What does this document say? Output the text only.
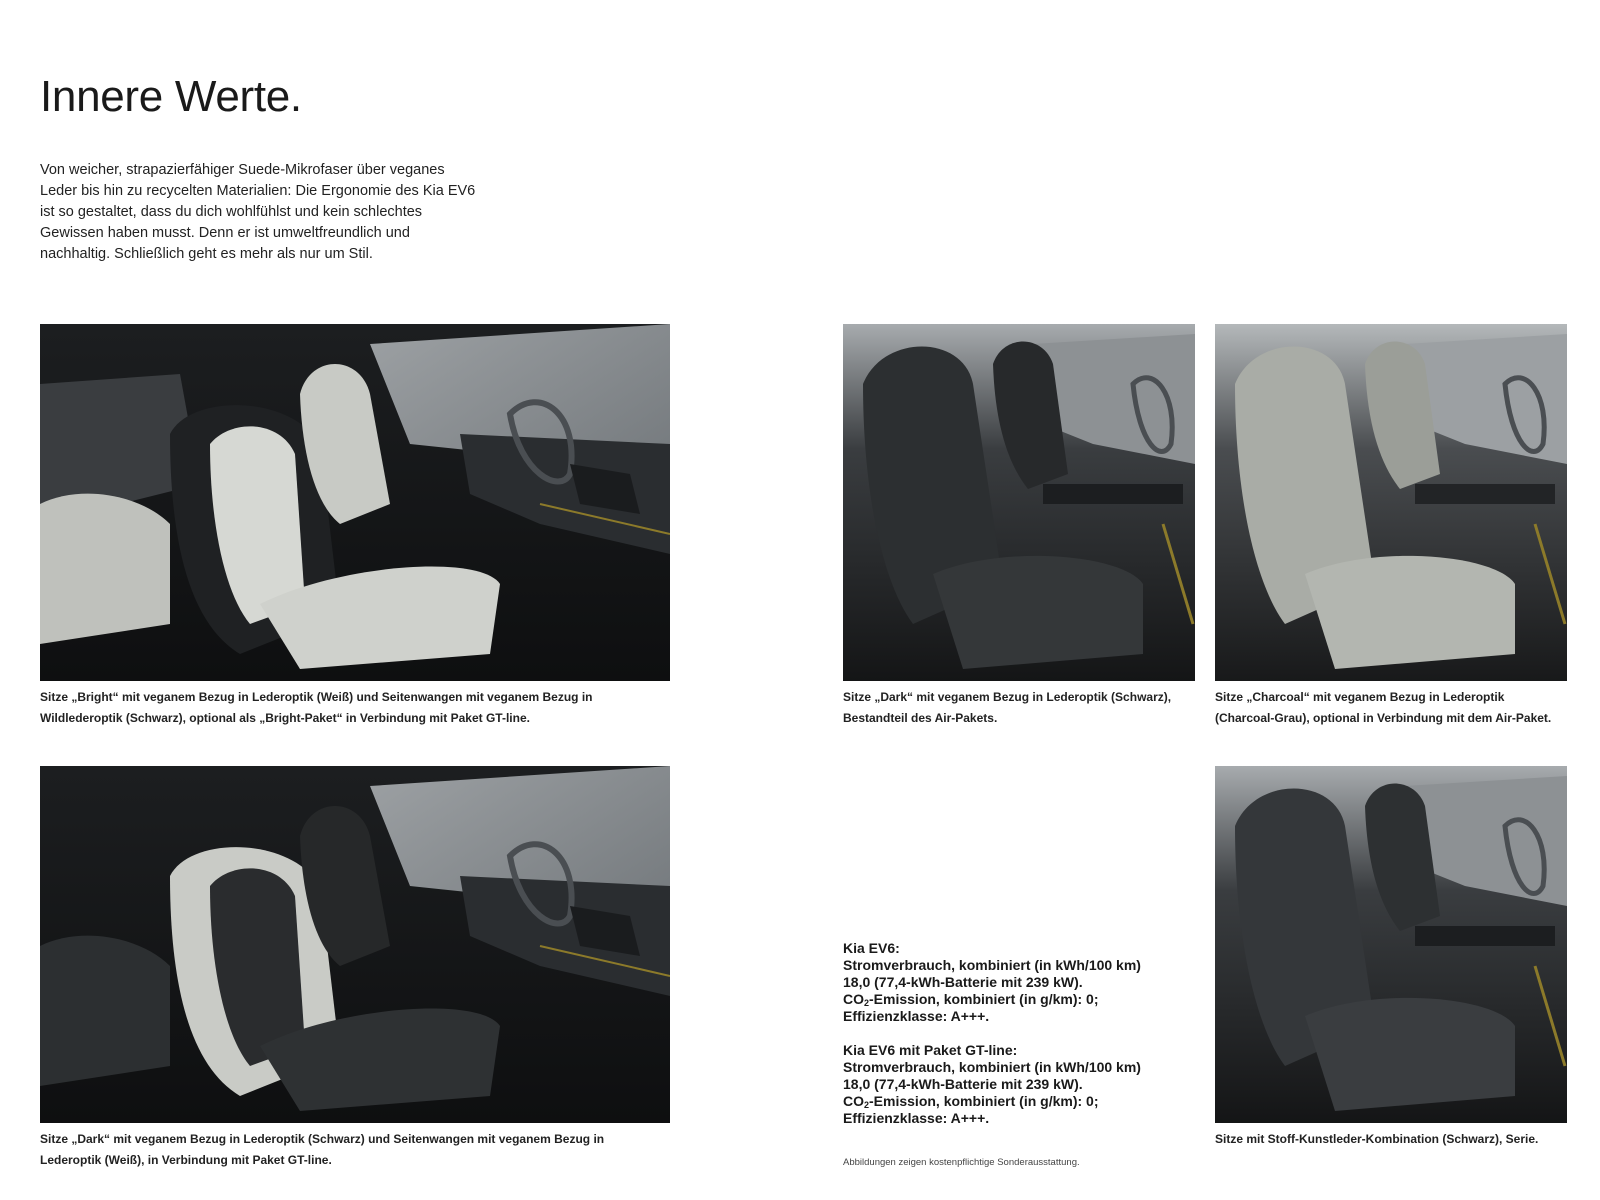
Innere Werte.

Von weicher, strapazierfähiger Suede-Mikrofaser über veganes Leder bis hin zu recycelten Materialien: Die Ergonomie des Kia EV6 ist so gestaltet, dass du dich wohlfühlst und kein schlechtes Gewissen haben musst. Denn er ist umweltfreundlich und nachhaltig. Schließlich geht es mehr als nur um Stil.

Sitze „Bright“ mit veganem Bezug in Lederoptik (Weiß) und Seitenwangen mit veganem Bezug in
Wildlederoptik (Schwarz), optional als „Bright-Paket“ in Verbindung mit Paket GT-line.

Sitze „Dark“ mit veganem Bezug in Lederoptik (Schwarz),
Bestandteil des Air-Pakets.

Sitze „Charcoal“ mit veganem Bezug in Lederoptik
(Charcoal-Grau), optional in Verbindung mit dem Air-Paket.

Sitze „Dark“ mit veganem Bezug in Lederoptik (Schwarz) und Seitenwangen mit veganem Bezug in
Lederoptik (Weiß), in Verbindung mit Paket GT-line.

Kia EV6:
Stromverbrauch, kombiniert (in kWh/100 km)
18,0 (77,4-kWh-Batterie mit 239 kW).
$CO_2$-Emission, kombiniert (in g/km): 0;
Effizienzklasse: A+++.
Kia EV6 mit Paket GT-line:
Stromverbrauch, kombiniert (in kWh/100 km)
18,0 (77,4-kWh-Batterie mit 239 kW).
$CO_2$-Emission, kombiniert (in g/km): 0;
Effizienzklasse: A+++.

Abbildungen zeigen kostenpflichtige Sonderausstattung.

Sitze mit Stoff-Kunstleder-Kombination (Schwarz), Serie.
